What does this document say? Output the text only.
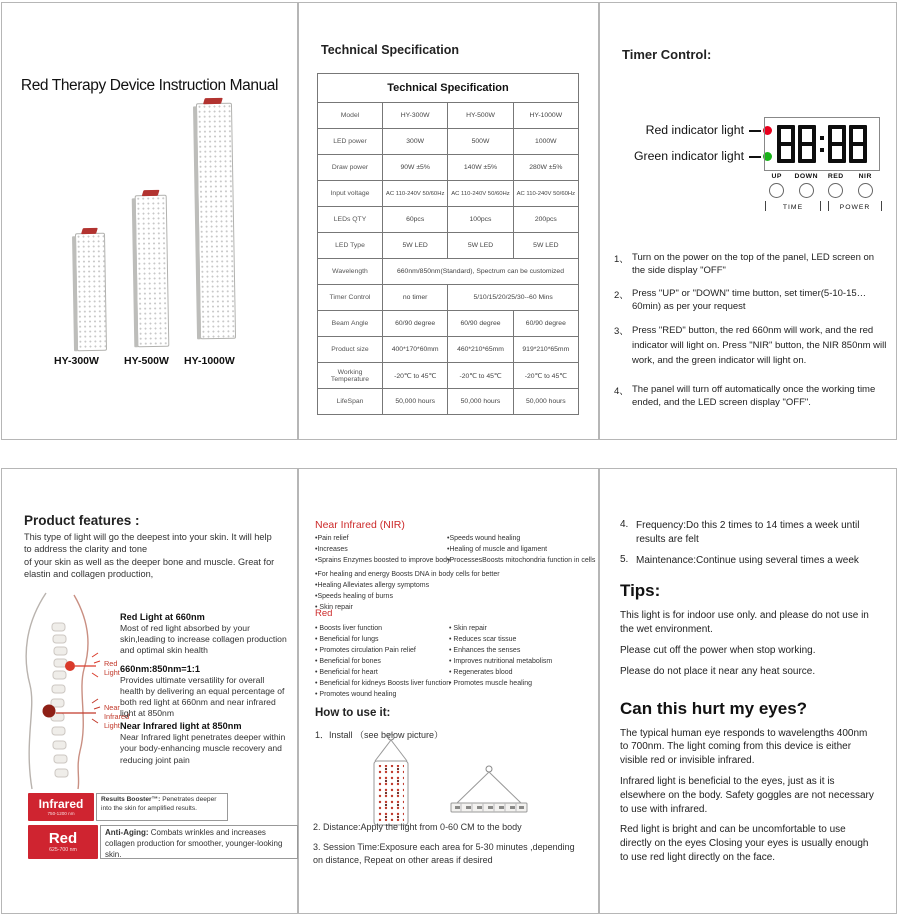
Red Therapy Device Instruction Manual
HY-300W HY-500W HY-1000W
Technical Specification
Technical Specification			
Model	HY-300W	HY-500W	HY-1000W
LED power	300W	500W	1000W
Draw power	90W ±5%	140W ±5%	280W ±5%
Input voltage	AC 110-240V 50/60Hz	AC 110-240V 50/60Hz	AC 110-240V 50/60Hz
LEDs QTY	60pcs	100pcs	200pcs
LED Type	5W LED	5W LED	5W LED
Wavelength	660nm/850nm(Standard), Spectrum can be customized		
Timer Control	no timer	5/10/15/20/25/30--60 Mins	
Beam Angle	60/90 degree	60/90 degree	60/90 degree
Product size	400*170*60mm	460*210*65mm	919*210*65mm
Working Temperature	-20℃ to 45℃	-20℃ to 45℃	-20℃ to 45℃
LifeSpan	50,000 hours	50,000 hours	50,000 hours
Timer Control:
Red indicator light
Green indicator light
UP	DOWN	RED	NIR
TIME	POWER
1、 Turn on the power on the top of the panel, LED screen on the side display "OFF"
2、 Press "UP" or "DOWN" time button, set timer(5-10-15…60min) as per your request
3、 Press "RED" button, the red 660nm will work, and the red indicator will light on. Press "NIR" button, the NIR 850nm will work, and the green indicator will light on.
4、 The panel will turn off automatically once the working time ended, and the LED screen display "OFF".
Product features :

This type of light will go the deepest into your skin. It will help to address the clarity and tone

of your skin as well as the deeper bone and muscle. Great for elastin and collagen production,

Red Light
Near Infrared Light
Red Light at 660nm

Most of red light absorbed by your skin,leading to increase collagen production and optimal skin health

660nm:850nm=1:1

Provides ultimate versatility for overall health by delivering an equal percentage of both red light at 660nm and near infrared light at 850nm

Near Infrared light at 850nm

Near Infrared light penetrates deeper within your body-enhancing muscle recovery and reducing joint pain

Infrared
750-1200 nm

Results Booster™: Penetrates deeper into the skin for amplified results.

Red
625-700 nm

Anti-Aging: Combats wrinkles and increases collagen production for smoother, younger-looking skin.

Near Infrared (NIR)
•Pain relief
•Increases
•Sprains Enzymes boosted to improve body
•Speeds wound healing
•Healing of muscle and ligament
•ProcessesBoosts mitochondria function in cells
•For healing and energy Boosts DNA in body cells for better
•Healing Alleviates allergy symptoms
•Speeds healing of burns
• Skin repair
Red
• Boosts liver function
• Beneficial for lungs
• Promotes circulation Pain relief
• Beneficial for bones
• Beneficial for heart
• Beneficial for kidneys Boosts liver function
• Promotes wound healing
• Skin repair
• Reduces scar tissue
• Enhances the senses
• Improves nutritional metabolism
• Regenerates blood
• Promotes muscle healing
How to use it:
1．Install （see below picture）
2. Distance:Apply the light from 0-60 CM to the body
3. Session Time:Exposure each area for 5-30 minutes ,depending on distance, Repeat on other areas if desired
4. Frequency:Do this 2 times to 14 times a week until results are felt
5. Maintenance:Continue using several times a week
Tips:

This light is for indoor use only. and please do not use in the wet environment.

Please cut off the power when stop working.

Please do not place it near any heat source.

Can this hurt my eyes?

The typical human eye responds to wavelengths 400nm to 700nm. The light coming from this device is either visible red or invisible infrared.

Infrared light is beneficial to the eyes, just as it is elsewhere on the body. Safety goggles are not necessary to use with infrared.

Red light is bright and can be uncomfortable to use directly on the eyes Closing your eyes is usually enough to use red light directly on the face.
